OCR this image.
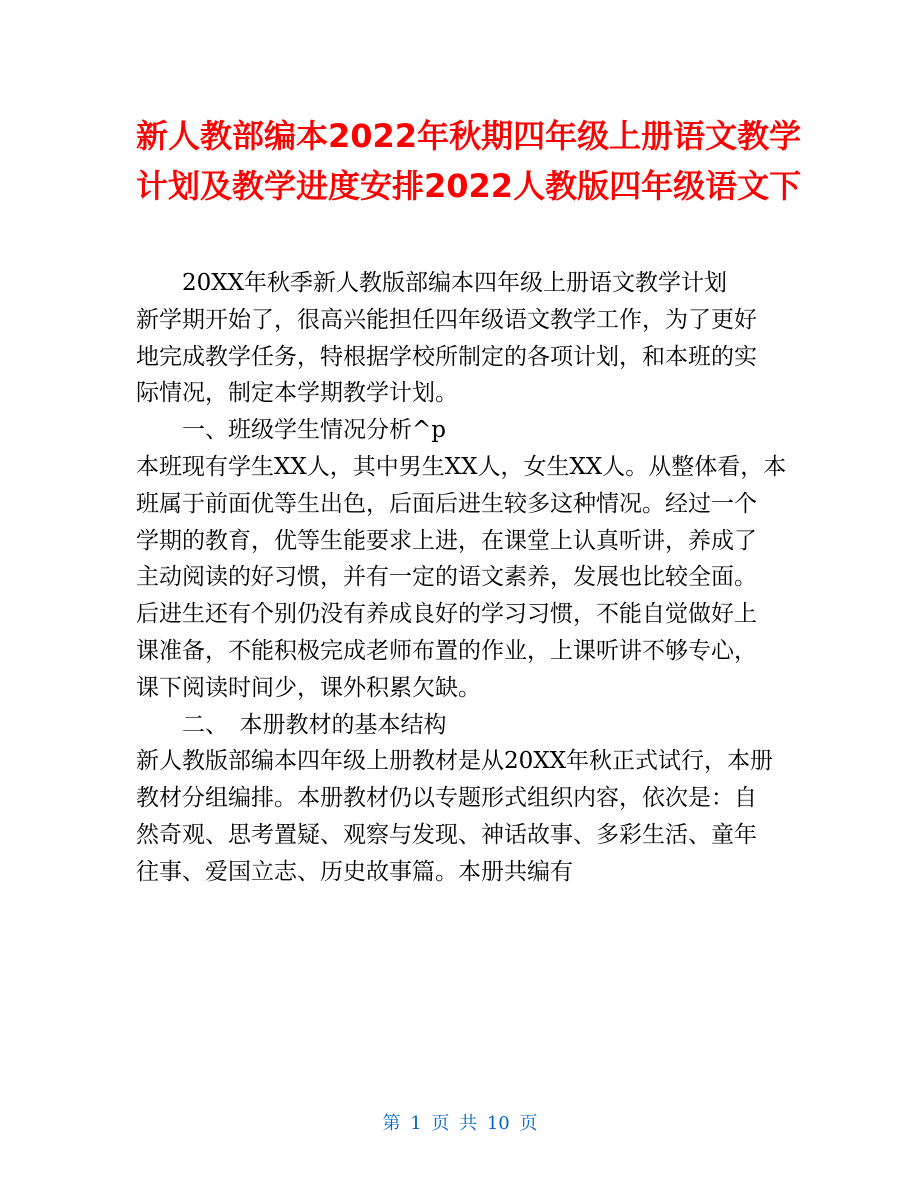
新人教部编本2022年秋期四年级上册语文教学
计划及教学进度安排2022人教版四年级语文下
20XX年秋季新人教版部编本四年级上册语文教学计划
新学期开始了，很高兴能担任四年级语文教学工作，为了更好
地完成教学任务，特根据学校所制定的各项计划，和本班的实
际情况，制定本学期教学计划。
一、班级学生情况分析^p
本班现有学生XX人，其中男生XX人，女生XX人。从整体看，本
班属于前面优等生出色，后面后进生较多这种情况。经过一个
学期的教育，优等生能要求上进，在课堂上认真听讲，养成了
主动阅读的好习惯，并有一定的语文素养，发展也比较全面。
后进生还有个别仍没有养成良好的学习习惯，不能自觉做好上
课准备，不能积极完成老师布置的作业，上课听讲不够专心，
课下阅读时间少，课外积累欠缺。
二、　本册教材的基本结构
新人教版部编本四年级上册教材是从20XX年秋正式试行，本册
教材分组编排。本册教材仍以专题形式组织内容，依次是：自
然奇观、思考置疑、观察与发现、神话故事、多彩生活、童年
往事、爱国立志、历史故事篇。本册共编有
第 1 页 共 10 页
